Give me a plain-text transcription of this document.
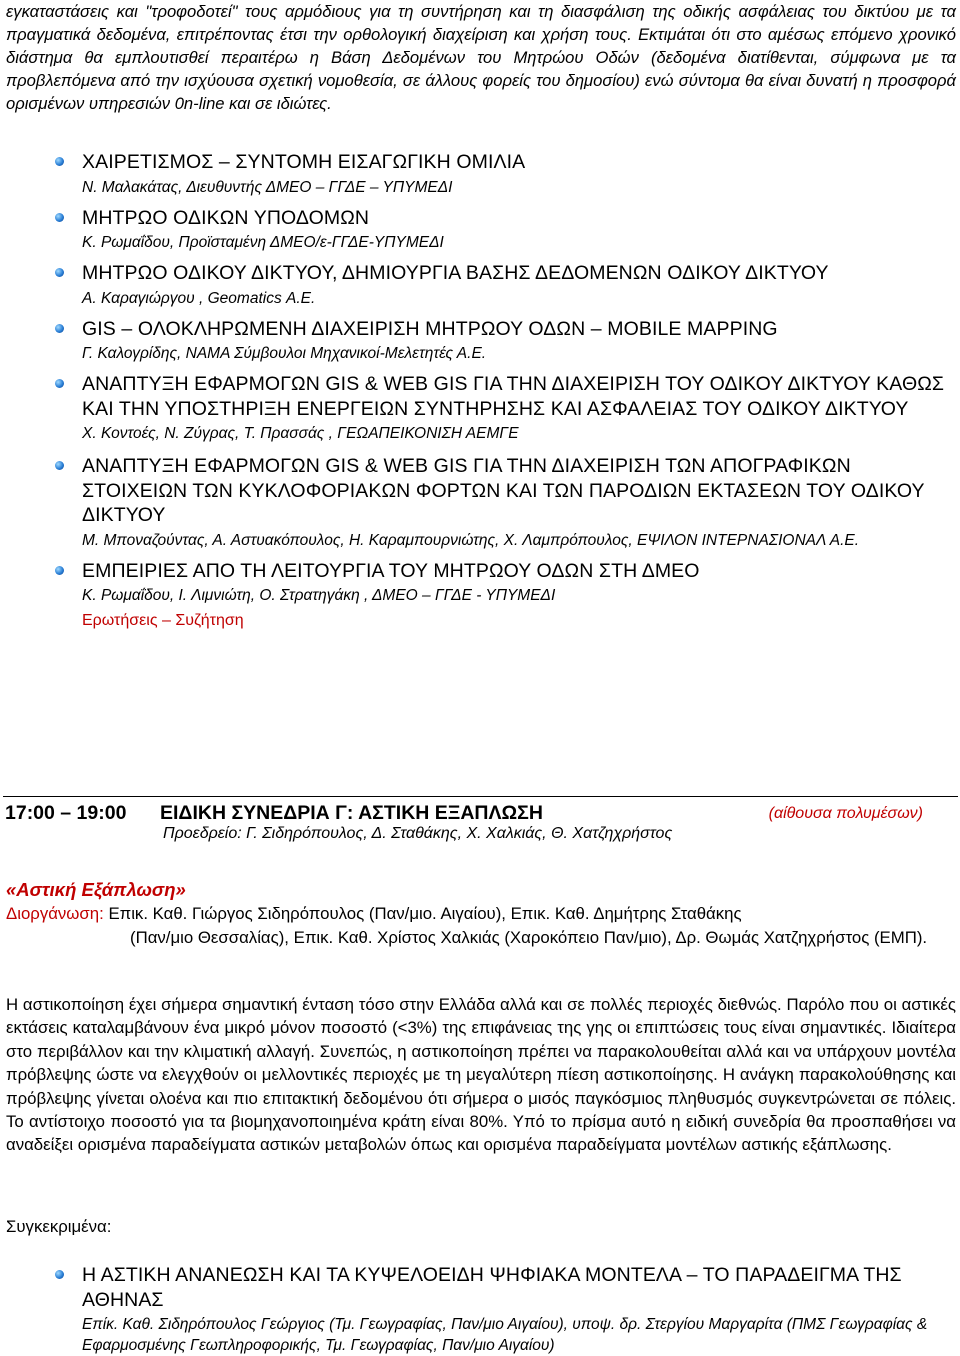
εγκαταστάσεις και "τροφοδοτεί" τους αρμόδιους για τη συντήρηση και τη διασφάλιση της οδικής ασφάλειας του δικτύου με τα πραγματικά δεδομένα, επιτρέποντας έτσι την ορθολογική διαχείριση και χρήση τους. Εκτιμάται ότι στο αμέσως επόμενο χρονικό διάστημα θα εμπλουτισθεί περαιτέρω η Βάση Δεδομένων του Μητρώου Οδών (δεδομένα διατίθενται, σύμφωνα με τα προβλεπόμενα από την ισχύουσα σχετική νομοθεσία, σε άλλους φορείς του δημοσίου) ενώ σύντομα θα είναι δυνατή η προσφορά ορισμένων υπηρεσιών 0n-line και σε ιδιώτες.

ΧΑΙΡΕΤΙΣΜΟΣ – ΣΥΝΤΟΜΗ ΕΙΣΑΓΩΓΙΚΗ ΟΜΙΛΙΑ

Ν. Μαλακάτας, Διευθυντής ΔΜΕΟ – ΓΓΔΕ – ΥΠΥΜΕΔΙ

ΜΗΤΡΩΟ ΟΔΙΚΩΝ ΥΠΟΔΟΜΩΝ

Κ. Ρωμαΐδου, Προϊσταμένη ΔΜΕΟ/ε-ΓΓΔΕ-ΥΠΥΜΕΔΙ

ΜΗΤΡΩΟ ΟΔΙΚΟΥ ΔΙΚΤΥΟΥ, ΔΗΜΙΟΥΡΓΙΑ ΒΑΣΗΣ ΔΕΔΟΜΕΝΩΝ ΟΔΙΚΟΥ ΔΙΚΤΥΟΥ

Α. Καραγιώργου , Geomatics Α.Ε.

GIS – ΟΛΟΚΛΗΡΩΜΕΝΗ ΔΙΑΧΕΙΡΙΣΗ ΜΗΤΡΩΟΥ ΟΔΩΝ – MOBILE MAPPING

Γ. Καλογρίδης, ΝΑΜΑ Σύμβουλοι Μηχανικοί-Μελετητές Α.Ε.

ΑΝΑΠΤΥΞΗ ΕΦΑΡΜΟΓΩΝ GIS & WEB GIS ΓΙΑ ΤΗΝ ΔΙΑΧΕΙΡΙΣΗ ΤΟΥ ΟΔΙΚΟΥ ΔΙΚΤΥΟΥ ΚΑΘΩΣ ΚΑΙ ΤΗΝ ΥΠΟΣΤΗΡΙΞΗ ΕΝΕΡΓΕΙΩΝ ΣΥΝΤΗΡΗΣΗΣ ΚΑΙ ΑΣΦΑΛΕΙΑΣ ΤΟΥ ΟΔΙΚΟΥ ΔΙΚΤΥΟΥ

Χ. Κοντοές, Ν. Ζύγρας, Τ. Πρασσάς , ΓΕΩΑΠΕΙΚΟΝΙΣΗ ΑΕΜΓΕ

ΑΝΑΠΤΥΞΗ ΕΦΑΡΜΟΓΩΝ GIS & WEB GIS ΓΙΑ ΤΗΝ ΔΙΑΧΕΙΡΙΣΗ ΤΩΝ ΑΠΟΓΡΑΦΙΚΩΝ ΣΤΟΙΧΕΙΩΝ ΤΩΝ ΚΥΚΛΟΦΟΡΙΑΚΩΝ ΦΟΡΤΩΝ ΚΑΙ ΤΩΝ ΠΑΡΟΔΙΩΝ ΕΚΤΑΣΕΩΝ ΤΟΥ ΟΔΙΚΟΥ ΔΙΚΤΥΟΥ

Μ. Μποναζούντας, Α. Αστυακόπουλος, Η. Καραμπουρνιώτης, Χ. Λαμπρόπουλος, ΕΨΙΛΟΝ ΙΝΤΕΡΝΑΣΙΟΝΑΛ Α.Ε.

ΕΜΠΕΙΡΙΕΣ ΑΠΟ ΤΗ ΛΕΙΤΟΥΡΓΙΑ ΤΟΥ ΜΗΤΡΩΟΥ ΟΔΩΝ ΣΤΗ ΔΜΕΟ

Κ. Ρωμαΐδου, Ι. Λιμνιώτη, Ο. Στρατηγάκη , ΔΜΕΟ – ΓΓΔΕ - ΥΠΥΜΕΔΙ

Ερωτήσεις – Συζήτηση

17:00 – 19:00 ΕΙΔΙΚΗ ΣΥΝΕΔΡΙΑ Γ: ΑΣΤΙΚΗ ΕΞΑΠΛΩΣΗ	(αίθουσα πολυμέσων)
Προεδρείο: Γ. Σιδηρόπουλος, Δ. Σταθάκης, Χ. Χαλκιάς, Θ. Χατζηχρήστος
«Αστική Εξάπλωση»
Διοργάνωση: Επικ. Καθ. Γιώργος Σιδηρόπουλος (Παν/μιο. Αιγαίου), Επικ. Καθ. Δημήτρης Σταθάκης
(Παν/μιο Θεσσαλίας), Επικ. Καθ. Χρίστος Χαλκιάς (Χαροκόπειο Παν/μιο), Δρ. Θωμάς Χατζηχρήστος (ΕΜΠ).

Η αστικοποίηση έχει σήμερα σημαντική ένταση τόσο στην Ελλάδα αλλά και σε πολλές περιοχές διεθνώς. Παρόλο που οι αστικές εκτάσεις καταλαμβάνουν ένα μικρό μόνον ποσοστό (<3%) της επιφάνειας της γης οι επιπτώσεις τους είναι σημαντικές. Ιδιαίτερα στο περιβάλλον και την κλιματική αλλαγή. Συνεπώς, η αστικοποίηση πρέπει να παρακολουθείται αλλά και να υπάρχουν μοντέλα πρόβλεψης ώστε να ελεγχθούν οι μελλοντικές περιοχές με τη μεγαλύτερη πίεση αστικοποίησης. Η ανάγκη παρακολούθησης και πρόβλεψης γίνεται ολοένα και πιο επιτακτική δεδομένου ότι σήμερα ο μισός παγκόσμιος πληθυσμός συγκεντρώνεται σε πόλεις. Το αντίστοιχο ποσοστό για τα βιομηχανοποιημένα κράτη είναι 80%. Υπό το πρίσμα αυτό η ειδική συνεδρία θα προσπαθήσει να αναδείξει ορισμένα παραδείγματα αστικών μεταβολών όπως και ορισμένα παραδείγματα μοντέλων αστικής εξάπλωσης.

Συγκεκριμένα:

Η ΑΣΤΙΚΗ ΑΝΑΝΕΩΣΗ ΚΑΙ ΤΑ ΚΥΨΕΛΟΕΙΔΗ ΨΗΦΙΑΚΑ ΜΟΝΤΕΛΑ – ΤΟ ΠΑΡΑΔΕΙΓΜΑ ΤΗΣ ΑΘΗΝΑΣ

Επίκ. Καθ. Σιδηρόπουλος Γεώργιος (Τμ. Γεωγραφίας, Παν/μιο Αιγαίου), υποψ. δρ. Στεργίου Μαργαρίτα (ΠΜΣ Γεωγραφίας & Εφαρμοσμένης Γεωπληροφορικής, Τμ. Γεωγραφίας, Παν/μιο Αιγαίου)
